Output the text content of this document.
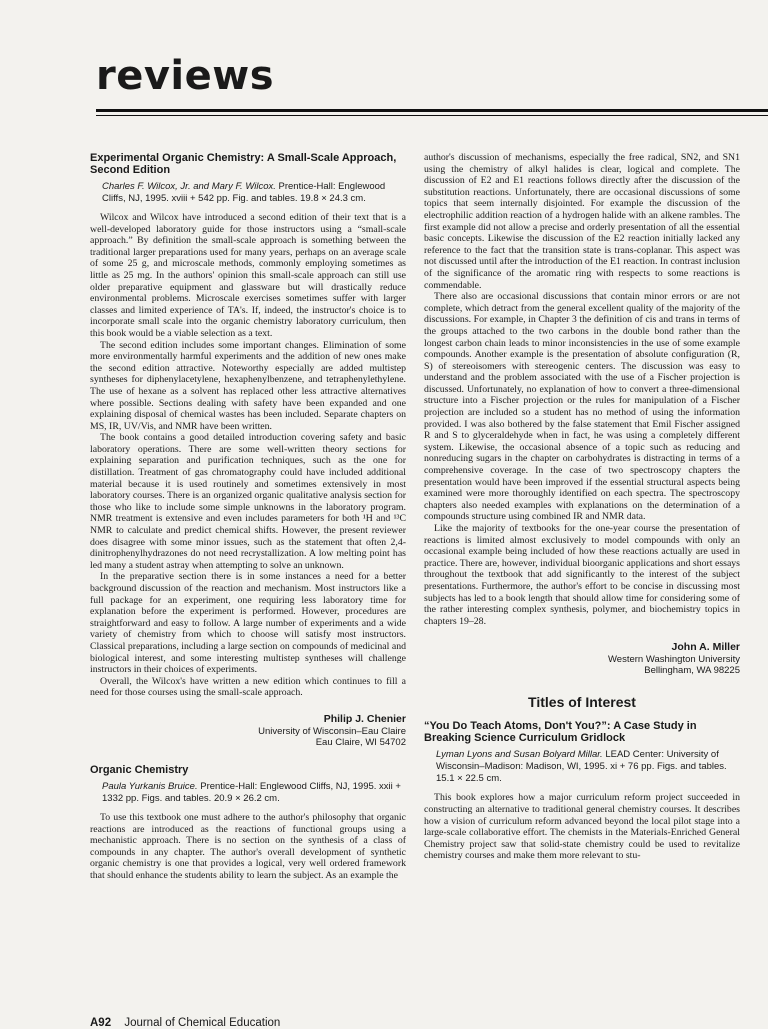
reviews
Experimental Organic Chemistry: A Small-Scale Approach, Second Edition

Charles F. Wilcox, Jr. and Mary F. Wilcox. Prentice-Hall: Englewood Cliffs, NJ, 1995. xviii + 542 pp. Fig. and tables. 19.8 × 24.3 cm.

Wilcox and Wilcox have introduced a second edition of their text that is a well-developed laboratory guide for those instructors using a “small-scale approach.” By definition the small-scale approach is something between the traditional larger preparations used for many years, perhaps on an average scale of some 25 g, and microscale methods, commonly employing sometimes as little as 25 mg. In the authors' opinion this small-scale approach can still use older preparative equipment and glassware but will drastically reduce environmental problems. Microscale exercises sometimes suffer with larger classes and limited experience of TA's. If, indeed, the instructor's choice is to incorporate small scale into the organic chemistry laboratory curriculum, then this book would be a viable selection as a text.

The second edition includes some important changes. Elimination of some more environmentally harmful experiments and the addition of new ones make the second edition attractive. Noteworthy especially are added multistep syntheses for diphenylacetylene, hexaphenylbenzene, and tetraphenylethylene. The use of hexane as a solvent has replaced other less attractive alternatives where possible. Sections dealing with safety have been expanded and one explaining disposal of chemical wastes has been included. Separate chapters on MS, IR, UV/Vis, and NMR have been written.

The book contains a good detailed introduction covering safety and basic laboratory operations. There are some well-written theory sections for explaining separation and purification techniques, such as the one for distillation. Treatment of gas chromatography could have included additional material because it is used routinely and sometimes extensively in most laboratory courses. There is an organized organic qualitative analysis section for those who like to include some simple unknowns in the laboratory program. NMR treatment is extensive and even includes parameters for both ¹H and ¹³C NMR to calculate and predict chemical shifts. However, the present reviewer does disagree with some minor issues, such as the statement that often 2,4-dinitrophenylhydrazones do not need recrystallization. A low melting point has led many a student astray when attempting to solve an unknown.

In the preparative section there is in some instances a need for a better background discussion of the reaction and mechanism. Most instructors like a full package for an experiment, one requiring less laboratory time for explanation before the experiment is performed. However, procedures are straightforward and easy to follow. A large number of experiments and a wide variety of chemistry from which to choose will satisfy most instructors. Classical preparations, including a large section on compounds of medicinal and biological interest, and some interesting multistep syntheses will challenge instructors in their choices of experiments.

Overall, the Wilcox's have written a new edition which continues to fill a need for those courses using the small-scale approach.

Philip J. Chenier
University of Wisconsin–Eau Claire
Eau Claire, WI 54702
Organic Chemistry

Paula Yurkanis Bruice. Prentice-Hall: Englewood Cliffs, NJ, 1995. xxii + 1332 pp. Figs. and tables. 20.9 × 26.2 cm.

To use this textbook one must adhere to the author's philosophy that organic reactions are introduced as the reactions of functional groups using a mechanistic approach. There is no section on the synthesis of a class of compounds in any chapter. The author's overall development of synthetic organic chemistry is one that provides a logical, very well ordered framework that should enhance the students ability to learn the subject. As an example the

author's discussion of mechanisms, especially the free radical, SN2, and SN1 using the chemistry of alkyl halides is clear, logical and complete. The discussion of E2 and E1 reactions follows directly after the discussion of the substitution reactions. Unfortunately, there are occasional discussions of some topics that seem internally disjointed. For example the discussion of the electrophilic addition reaction of a hydrogen halide with an alkene rambles. The first example did not allow a precise and orderly presentation of all the essential basic concepts. Likewise the discussion of the E2 reaction initially lacked any reference to the fact that the transition state is trans-coplanar. This aspect was not discussed until after the introduction of the E1 reaction. In contrast inclusion of the significance of the aromatic ring with respects to some reactions is commendable.

There also are occasional discussions that contain minor errors or are not complete, which detract from the general excellent quality of the majority of the discussions. For example, in Chapter 3 the definition of cis and trans in terms of the groups attached to the two carbons in the double bond rather than the longest carbon chain leads to minor inconsistencies in the use of some example compounds. Another example is the presentation of absolute configuration (R, S) of stereoisomers with stereogenic centers. The discussion was easy to understand and the problem associated with the use of a Fischer projection is discussed. Unfortunately, no explanation of how to convert a three-dimensional structure into a Fischer projection or the rules for manipulation of a Fischer projection are included so a student has no method of using the information provided. I was also bothered by the false statement that Emil Fischer assigned R and S to glyceraldehyde when in fact, he was using a completely different system. Likewise, the occasional absence of a topic such as reducing and nonreducing sugars in the chapter on carbohydrates is distracting in terms of a comprehensive coverage. In the case of two spectroscopy chapters the presentation would have been improved if the essential structural aspects being examined were more thoroughly identified on each spectra. The spectroscopy chapters also needed examples with explanations on the determination of a compounds structure using combined IR and NMR data.

Like the majority of textbooks for the one-year course the presentation of reactions is limited almost exclusively to model compounds with only an occasional example being included of how these reactions actually are used in practice. There are, however, individual bioorganic applications and short essays throughout the textbook that add significantly to the interest of the subject presentations. Furthermore, the author's effort to be concise in discussing most subjects has led to a book length that should allow time for considering some of the rather interesting complex synthesis, polymer, and biochemistry topics in chapters 19–28.

John A. Miller
Western Washington University
Bellingham, WA 98225
Titles of Interest
“You Do Teach Atoms, Don't You?”: A Case Study in Breaking Science Curriculum Gridlock

Lyman Lyons and Susan Bolyard Millar. LEAD Center: University of Wisconsin–Madison: Madison, WI, 1995. xi + 76 pp. Figs. and tables. 15.1 × 22.5 cm.

This book explores how a major curriculum reform project succeeded in constructing an alternative to traditional general chemistry courses. It describes how a vision of curriculum reform advanced beyond the local pilot stage into a large-scale collaborative effort. The chemists in the Materials-Enriched General Chemistry project saw that solid-state chemistry could be used to revitalize chemistry courses and make them more relevant to stu-

A92 Journal of Chemical Education
